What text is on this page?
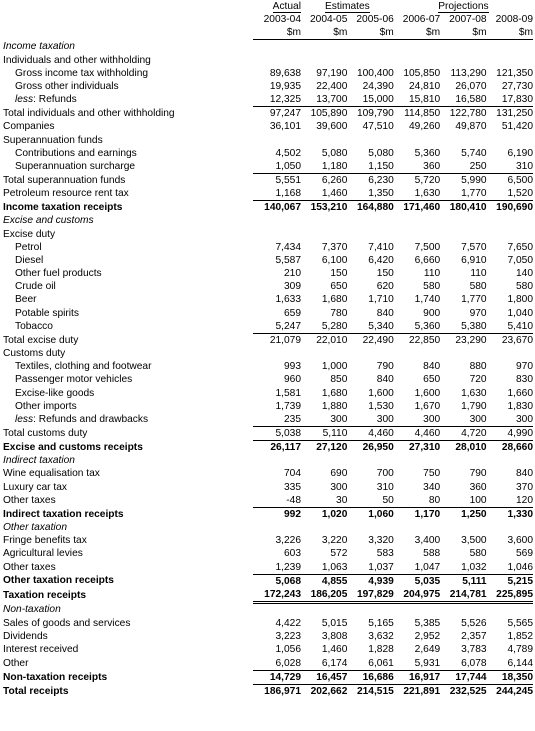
	Actual	Estimates		Projections		
	2003-04	2004-05	2005-06	2006-07	2007-08	2008-09
	$m	$m	$m	$m	$m	$m
Income taxation						
Individuals and other withholding						
Gross income tax withholding	89,638	97,190	100,400	105,850	113,290	121,350
Gross other individuals	19,935	22,400	24,390	24,810	26,070	27,730
less: Refunds	12,325	13,700	15,000	15,810	16,580	17,830
Total individuals and other withholding	97,247	105,890	109,790	114,850	122,780	131,250
Companies	36,101	39,600	47,510	49,260	49,870	51,420
Superannuation funds						
Contributions and earnings	4,502	5,080	5,080	5,360	5,740	6,190
Superannuation surcharge	1,050	1,180	1,150	360	250	310
Total superannuation funds	5,551	6,260	6,230	5,720	5,990	6,500
Petroleum resource rent tax	1,168	1,460	1,350	1,630	1,770	1,520
Income taxation receipts	140,067	153,210	164,880	171,460	180,410	190,690
Excise and customs						
Excise duty						
Petrol	7,434	7,370	7,410	7,500	7,570	7,650
Diesel	5,587	6,100	6,420	6,660	6,910	7,050
Other fuel products	210	150	150	110	110	140
Crude oil	309	650	620	580	580	580
Beer	1,633	1,680	1,710	1,740	1,770	1,800
Potable spirits	659	780	840	900	970	1,040
Tobacco	5,247	5,280	5,340	5,360	5,380	5,410
Total excise duty	21,079	22,010	22,490	22,850	23,290	23,670
Customs duty						
Textiles, clothing and footwear	993	1,000	790	840	880	970
Passenger motor vehicles	960	850	840	650	720	830
Excise-like goods	1,581	1,680	1,600	1,600	1,630	1,660
Other imports	1,739	1,880	1,530	1,670	1,790	1,830
less: Refunds and drawbacks	235	300	300	300	300	300
Total customs duty	5,038	5,110	4,460	4,460	4,720	4,990
Excise and customs receipts	26,117	27,120	26,950	27,310	28,010	28,660
Indirect taxation						
Wine equalisation tax	704	690	700	750	790	840
Luxury car tax	335	300	310	340	360	370
Other taxes	-48	30	50	80	100	120
Indirect taxation receipts	992	1,020	1,060	1,170	1,250	1,330
Other taxation						
Fringe benefits tax	3,226	3,220	3,320	3,400	3,500	3,600
Agricultural levies	603	572	583	588	580	569
Other taxes	1,239	1,063	1,037	1,047	1,032	1,046
Other taxation receipts	5,068	4,855	4,939	5,035	5,111	5,215
Taxation receipts	172,243	186,205	197,829	204,975	214,781	225,895
Non-taxation						
Sales of goods and services	4,422	5,015	5,165	5,385	5,526	5,565
Dividends	3,223	3,808	3,632	2,952	2,357	1,852
Interest received	1,056	1,460	1,828	2,649	3,783	4,789
Other	6,028	6,174	6,061	5,931	6,078	6,144
Non-taxation receipts	14,729	16,457	16,686	16,917	17,744	18,350
Total receipts	186,971	202,662	214,515	221,891	232,525	244,245
